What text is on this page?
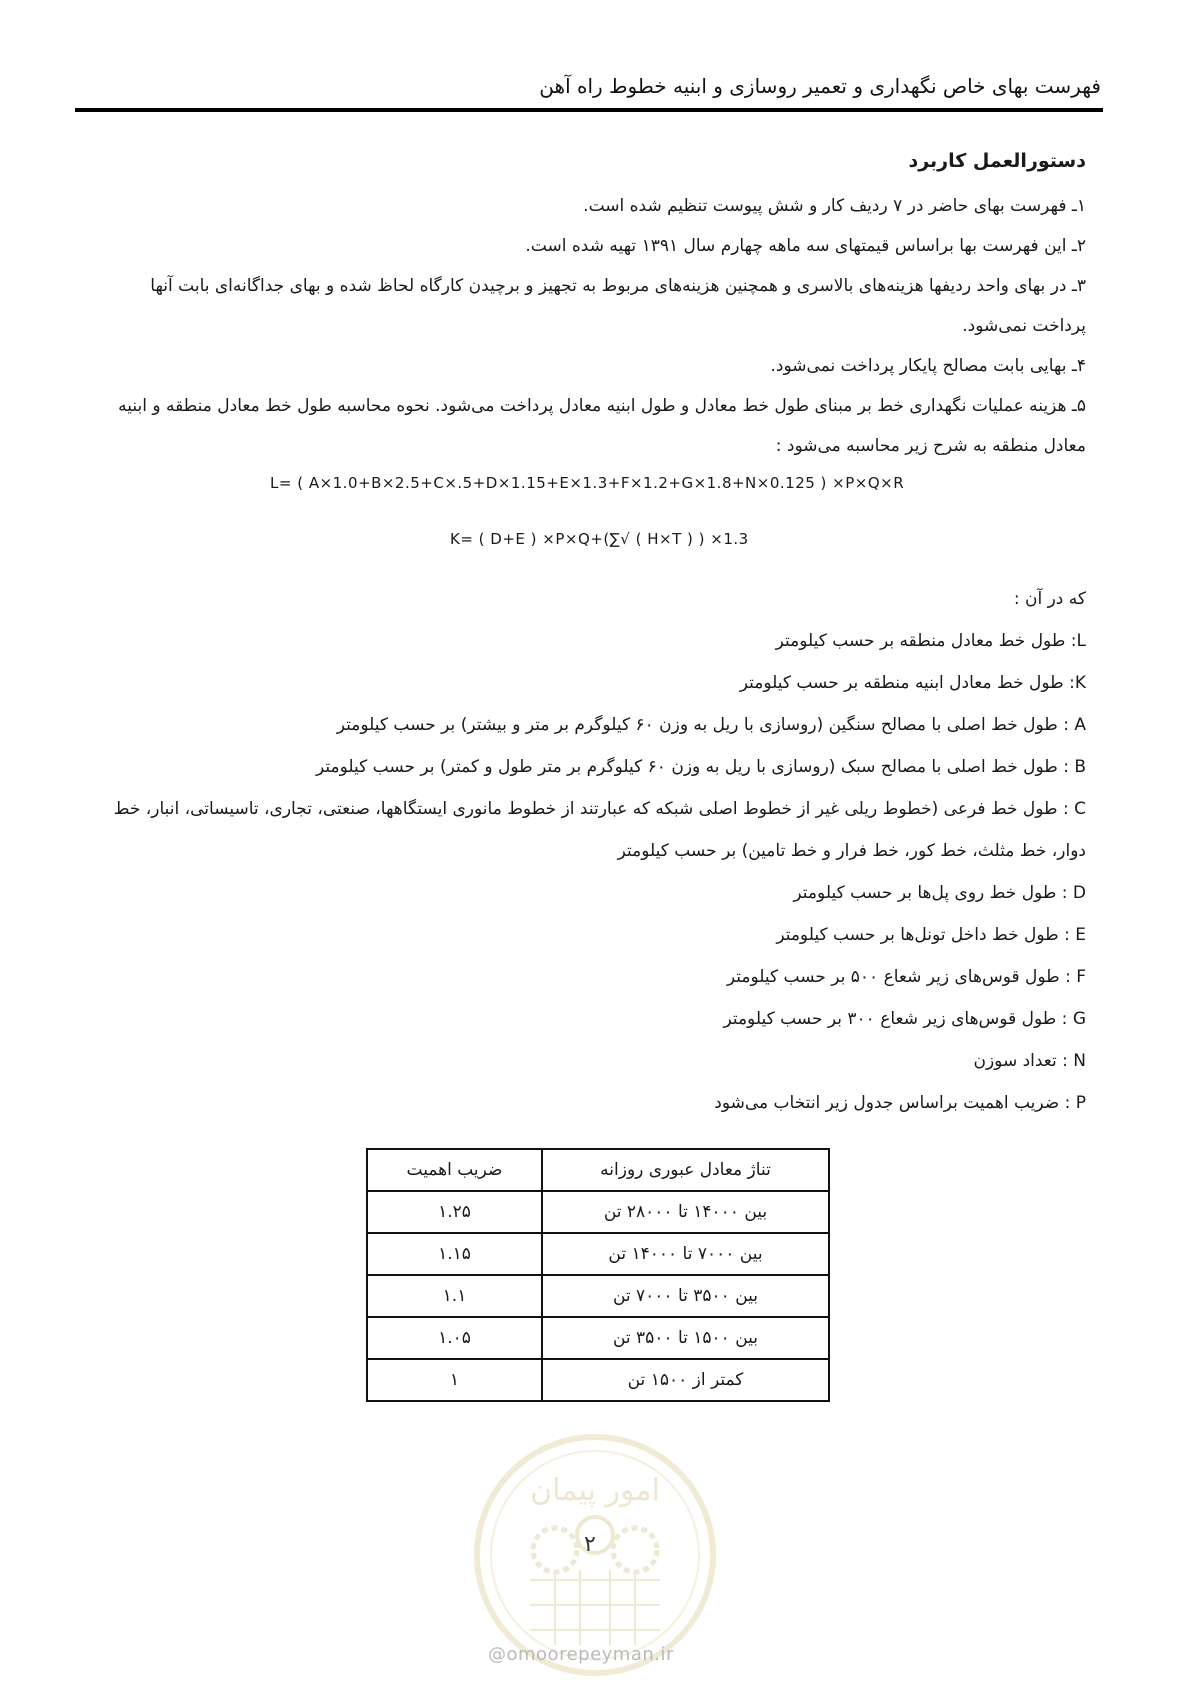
فهرست بهای خاص نگهداری و تعمیر روسازی و ابنیه خطوط راه آهن
دستورالعمل کاربرد

۱ـ فهرست بهای حاضر در ۷ ردیف کار و شش پیوست تنظیم شده است.

۲ـ این فهرست بها براساس قیمتهای سه ماهه چهارم سال ۱۳۹۱ تهیه شده است.

۳ـ در بهای واحد ردیفها هزینه‌های بالاسری و همچنین هزینه‌های مربوط به تجهیز و برچیدن کارگاه لحاظ شده و بهای جداگانه‌ای بابت آنها پرداخت نمی‌شود.

۴ـ بهایی بابت مصالح پایکار پرداخت نمی‌شود.

۵ـ هزینه عملیات نگهداری خط بر مبنای طول خط معادل و طول ابنیه معادل پرداخت می‌شود. نحوه محاسبه طول خط معادل منطقه و ابنیه معادل منطقه به شرح زیر محاسبه می‌شود :

L= ( A×1.0+B×2.5+C×.5+D×1.15+E×1.3+F×1.2+G×1.8+N×0.125 ) ×P×Q×R

K= ( D+E ) ×P×Q+(∑√ ( H×T ) ) ×1.3

که در آن :

L: طول خط معادل منطقه بر حسب کیلومتر

K: طول خط معادل ابنیه منطقه بر حسب کیلومتر

A : طول خط اصلی با مصالح سنگین (روسازی با ریل به وزن ۶۰ کیلوگرم بر متر و بیشتر) بر حسب کیلومتر

B : طول خط اصلی با مصالح سبک (روسازی با ریل به وزن ۶۰ کیلوگرم بر متر طول و کمتر) بر حسب کیلومتر

C : طول خط فرعی (خطوط ریلی غیر از خطوط اصلی شبکه که عبارتند از خطوط مانوری ایستگاهها، صنعتی، تجاری، تاسیساتی، انبار، خط دوار، خط مثلث، خط کور، خط فرار و خط تامین) بر حسب کیلومتر

D : طول خط روی پل‌ها بر حسب کیلومتر

E : طول خط داخل تونل‌ها بر حسب کیلومتر

F : طول قوس‌های زیر شعاع ۵۰۰ بر حسب کیلومتر

G : طول قوس‌های زیر شعاع ۳۰۰ بر حسب کیلومتر

N : تعداد سوزن

P : ضریب اهمیت براساس جدول زیر انتخاب می‌شود

تناژ معادل عبوری روزانه	ضریب اهمیت
بین ۱۴۰۰۰ تا ۲۸۰۰۰ تن	۱.۲۵
بین ۷۰۰۰ تا ۱۴۰۰۰ تن	۱.۱۵
بین ۳۵۰۰ تا ۷۰۰۰ تن	۱.۱
بین ۱۵۰۰ تا ۳۵۰۰ تن	۱.۰۵
کمتر از ۱۵۰۰ تن	۱
امور پیمان
۲
@omoorepeyman.ir
